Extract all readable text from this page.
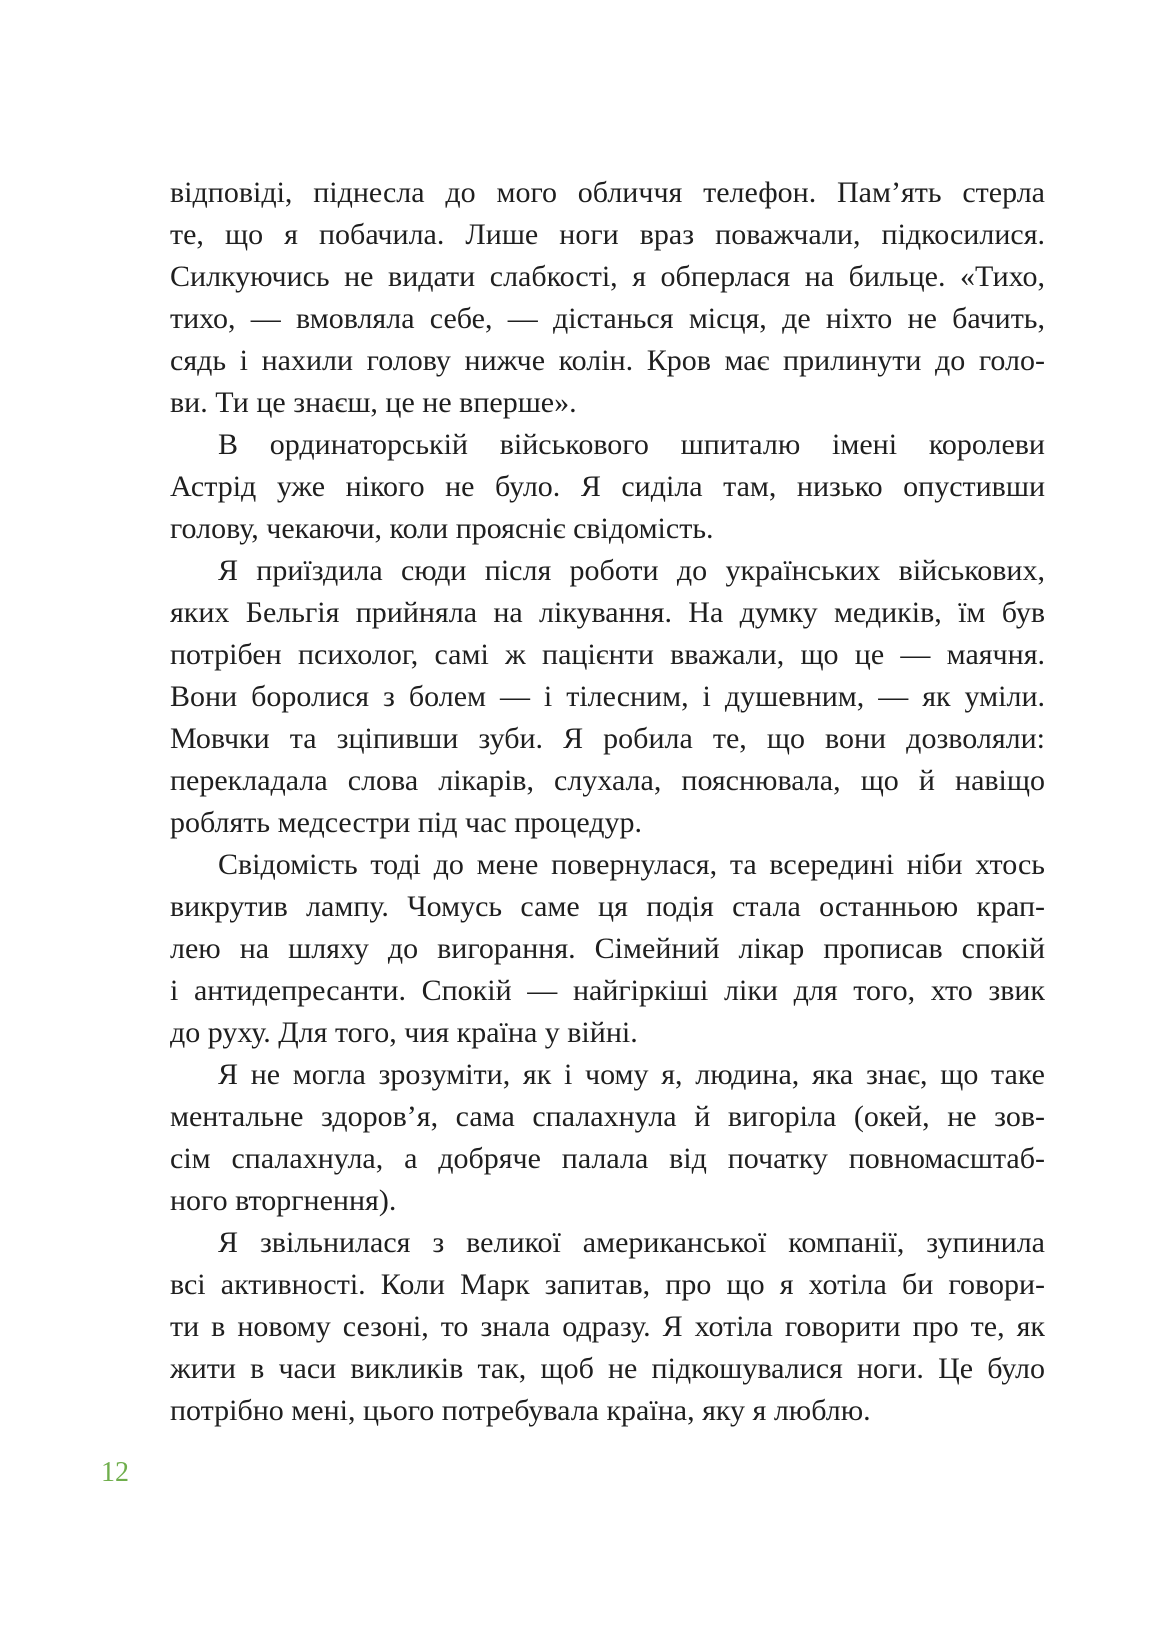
відповіді, піднесла до мого обличчя телефон. Пам’ять стерла
те, що я побачила. Лише ноги враз поважчали, підкосилися.
Силкуючись не видати слабкості, я обперлася на бильце. «Тихо,
тихо, — вмовляла себе, — дістанься місця, де ніхто не бачить,
сядь і нахили голову нижче колін. Кров має прилинути до голо-
ви. Ти це знаєш, це не вперше».
В ординаторській військового шпиталю імені королеви
Астрід уже нікого не було. Я сиділа там, низько опустивши
голову, чекаючи, коли проясніє свідомість.
Я приїздила сюди після роботи до українських військових,
яких Бельгія прийняла на лікування. На думку медиків, їм був
потрібен психолог, самі ж пацієнти вважали, що це — маячня.
Вони боролися з болем — і тілесним, і душевним, — як уміли.
Мовчки та зціпивши зуби. Я робила те, що вони дозволяли:
перекладала слова лікарів, слухала, пояснювала, що й навіщо
роблять медсестри під час процедур.
Свідомість тоді до мене повернулася, та всередині ніби хтось
викрутив лампу. Чомусь саме ця подія стала останньою крап-
лею на шляху до вигорання. Сімейний лікар прописав спокій
і антидепресанти. Спокій — найгіркіші ліки для того, хто звик
до руху. Для того, чия країна у війні.
Я не могла зрозуміти, як і чому я, людина, яка знає, що таке
ментальне здоров’я, сама спалахнула й вигоріла (окей, не зов-
сім спалахнула, а добряче палала від початку повномасштаб-
ного вторгнення).
Я звільнилася з великої американської компанії, зупинила
всі активності. Коли Марк запитав, про що я хотіла би говори-
ти в новому сезоні, то знала одразу. Я хотіла говорити про те, як
жити в часи викликів так, щоб не підкошувалися ноги. Це було
потрібно мені, цього потребувала країна, яку я люблю.
12
